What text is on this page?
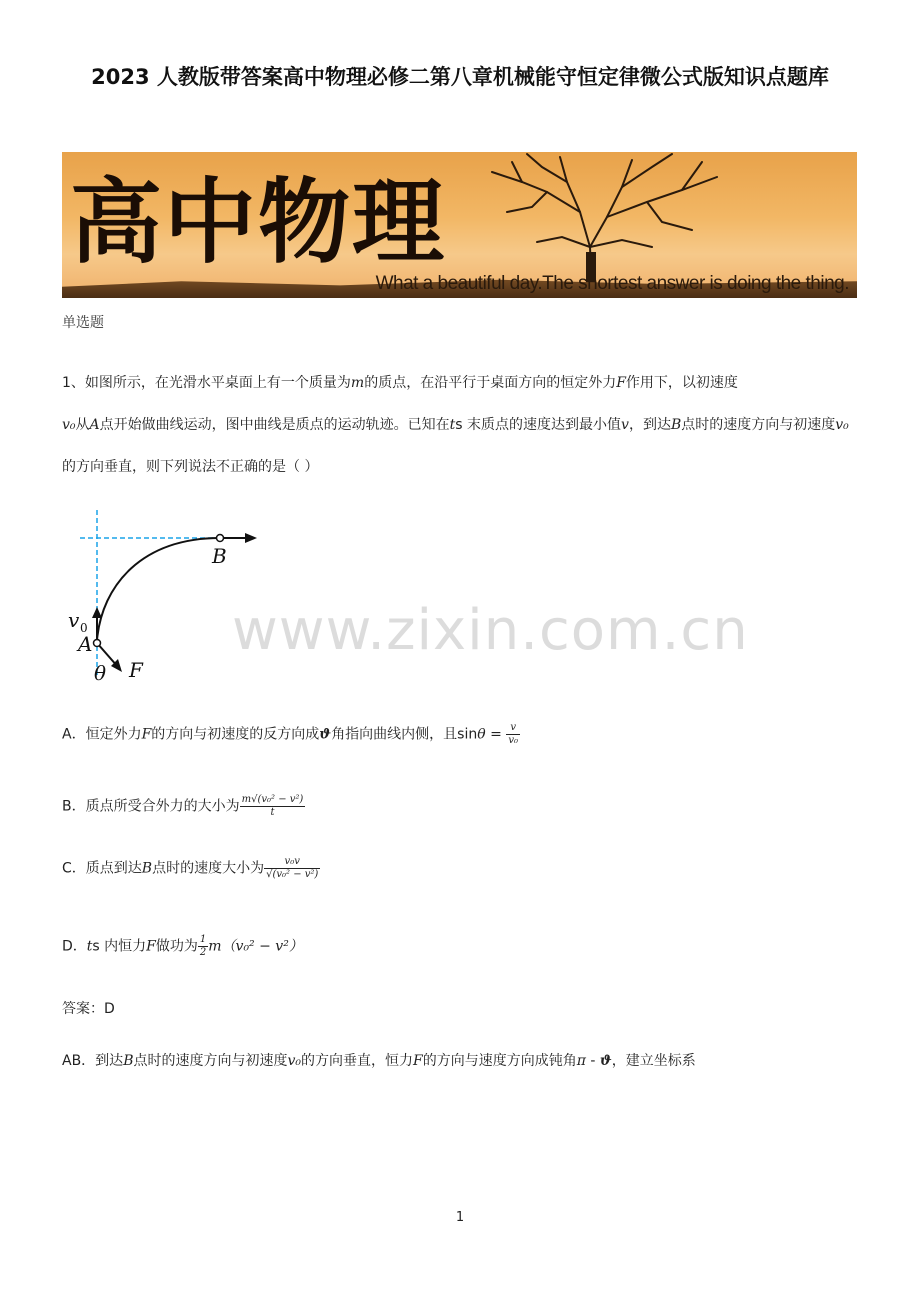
2023 人教版带答案高中物理必修二第八章机械能守恒定律微公式版知识点题库
高中物理
What a beautiful day.The shortest answer is doing the thing.
单选题
1、如图所示，在光滑水平桌面上有一个质量为m的质点，在沿平行于桌面方向的恒定外力F作用下，以初速度
v₀从A点开始做曲线运动，图中曲线是质点的运动轨迹。已知在ts 末质点的速度达到最小值v，到达B点时的速度方向与初速度v₀的方向垂直，则下列说法不正确的是（ ）
B
v 0
A
θ F
www.zixin.com.cn
A．恒定外力F的方向与初速度的反方向成ϑ角指向曲线内侧，且$\sin\theta = \frac{v}{\text{v₀}}$
B．质点所受合外力的大小为 $\frac{\text{m√(v₀² − v²)}}{t}$
C．质点到达B点时的速度大小为 $\frac{\text{v₀v}}{\text{√(v₀² − v²)}}$
D．ts 内恒力F做功为 $\frac{1}{2} m(v_0^2 - v^2)$
答案：D
AB．到达B点时的速度方向与初速度v₀的方向垂直，恒力F的方向与速度方向成钝角π - ϑ，建立坐标系
1
